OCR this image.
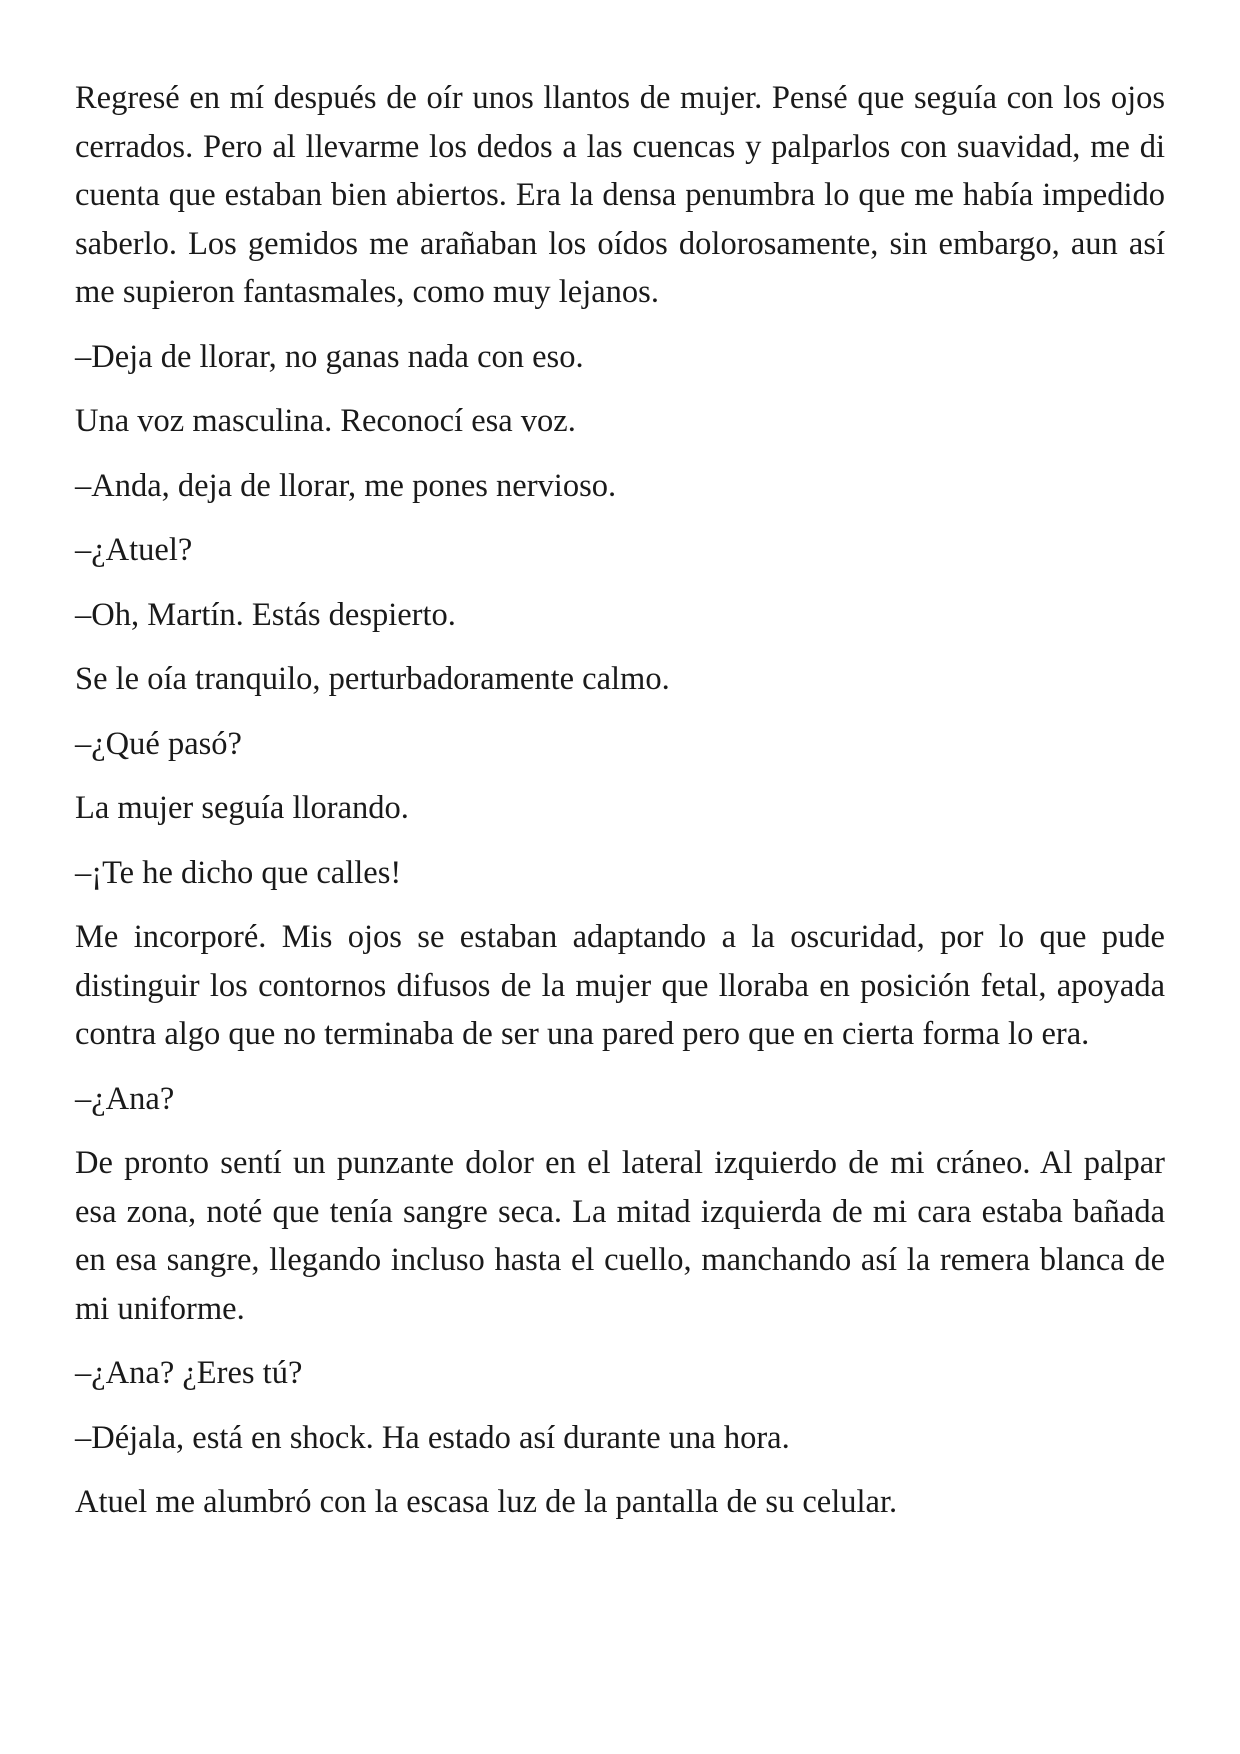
Regresé en mí después de oír unos llantos de mujer. Pensé que seguía con los ojos cerrados. Pero al llevarme los dedos a las cuencas y palparlos con suavidad, me di cuenta que estaban bien abiertos. Era la densa penumbra lo que me había impedido saberlo. Los gemidos me arañaban los oídos dolorosamente, sin embargo, aun así me supieron fantasmales, como muy lejanos.

–Deja de llorar, no ganas nada con eso.

Una voz masculina. Reconocí esa voz.

–Anda, deja de llorar, me pones nervioso.

–¿Atuel?

–Oh, Martín. Estás despierto.

Se le oía tranquilo, perturbadoramente calmo.

–¿Qué pasó?

La mujer seguía llorando.

–¡Te he dicho que calles!

Me incorporé. Mis ojos se estaban adaptando a la oscuridad, por lo que pude distinguir los contornos difusos de la mujer que lloraba en posición fetal, apoyada contra algo que no terminaba de ser una pared pero que en cierta forma lo era.

–¿Ana?

De pronto sentí un punzante dolor en el lateral izquierdo de mi cráneo. Al palpar esa zona, noté que tenía sangre seca. La mitad izquierda de mi cara estaba bañada en esa sangre, llegando incluso hasta el cuello, manchando así la remera blanca de mi uniforme.

–¿Ana? ¿Eres tú?

–Déjala, está en shock. Ha estado así durante una hora.

Atuel me alumbró con la escasa luz de la pantalla de su celular.
